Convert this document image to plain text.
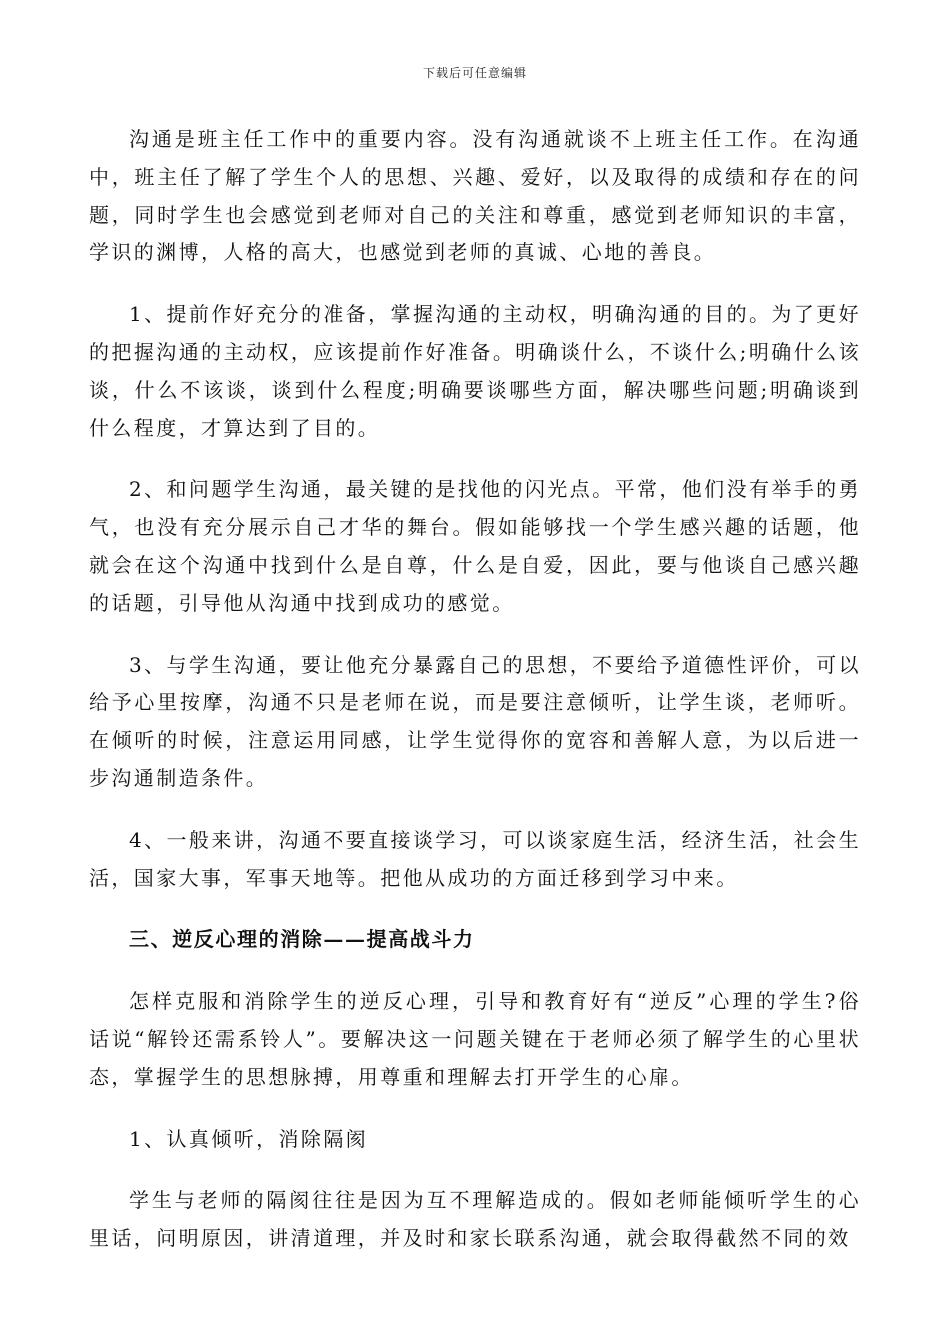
下载后可任意编辑

沟通是班主任工作中的重要内容。没有沟通就谈不上班主任工作。在沟通中，班主任了解了学生个人的思想、兴趣、爱好，以及取得的成绩和存在的问题，同时学生也会感觉到老师对自己的关注和尊重，感觉到老师知识的丰富，学识的渊博，人格的高大，也感觉到老师的真诚、心地的善良。

1、提前作好充分的准备，掌握沟通的主动权，明确沟通的目的。为了更好的把握沟通的主动权，应该提前作好准备。明确谈什么，不谈什么;明确什么该谈，什么不该谈，谈到什么程度;明确要谈哪些方面，解决哪些问题;明确谈到什么程度，才算达到了目的。

2、和问题学生沟通，最关键的是找他的闪光点。平常，他们没有举手的勇气，也没有充分展示自己才华的舞台。假如能够找一个学生感兴趣的话题，他就会在这个沟通中找到什么是自尊，什么是自爱，因此，要与他谈自己感兴趣的话题，引导他从沟通中找到成功的感觉。

3、与学生沟通，要让他充分暴露自己的思想，不要给予道德性评价，可以给予心里按摩，沟通不只是老师在说，而是要注意倾听，让学生谈，老师听。在倾听的时候，注意运用同感，让学生觉得你的宽容和善解人意，为以后进一步沟通制造条件。

4、一般来讲，沟通不要直接谈学习，可以谈家庭生活，经济生活，社会生活，国家大事，军事天地等。把他从成功的方面迁移到学习中来。

三、逆反心理的消除——提高战斗力

怎样克服和消除学生的逆反心理，引导和教育好有“逆反”心理的学生?俗话说“解铃还需系铃人”。要解决这一问题关键在于老师必须了解学生的心里状态，掌握学生的思想脉搏，用尊重和理解去打开学生的心扉。

1、认真倾听，消除隔阂

学生与老师的隔阂往往是因为互不理解造成的。假如老师能倾听学生的心里话，问明原因，讲清道理，并及时和家长联系沟通，就会取得截然不同的效
